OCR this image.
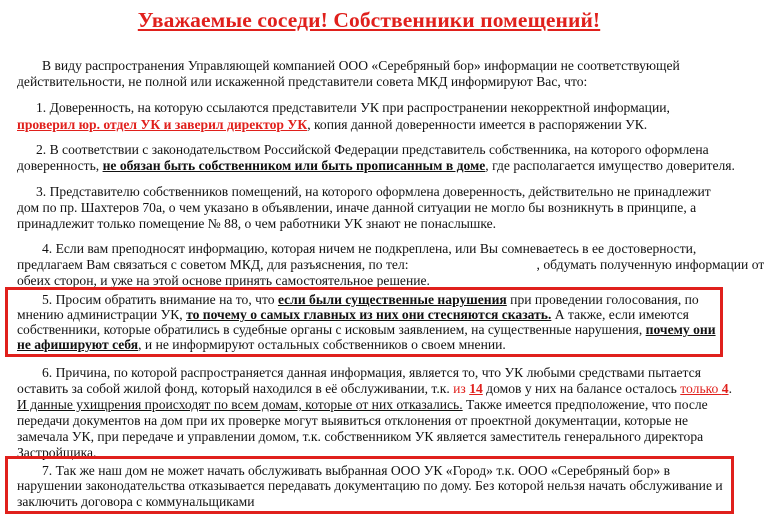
Уважаемые соседи! Собственники помещений!
В виду распространения Управляющей компанией ООО «Серебряный бор» информации не соответствующей
действительности, не полной или искаженной представители совета МКД информируют Вас, что:
1. Доверенность, на которую ссылаются представители УК при распространении некорректной информации,
проверил юр. отдел УК и заверил директор УК, копия данной доверенности имеется в распоряжении УК.
2. В соответствии с законодательством Российской Федерации представитель собственника, на которого оформлена
доверенность, не обязан быть собственником или быть прописанным в доме, где располагается имущество доверителя.
3. Представителю собственников помещений, на которого оформлена доверенность, действительно не принадлежит
дом по пр. Шахтеров 70а, о чем указано в объявлении, иначе данной ситуации не могло бы возникнуть в принципе, а
принадлежит только помещение № 88, о чем работники УК знают не понаслышке.
4. Если вам преподносят информацию, которая ничем не подкреплена, или Вы сомневаетесь в ее достоверности,
предлагаем Вам связаться с советом МКД, для разъяснения, по тел:	, обдумать полученную информации от
обеих сторон, и уже на этой основе принять самостоятельное решение.
5. Просим обратить внимание на то, что если были существенные нарушения при проведении голосования, по
мнению администрации УК, то почему о самых главных из них они стесняются сказать. А также, если имеются
собственники, которые обратились в судебные органы с исковым заявлением, на существенные нарушения, почему они
не афишируют себя, и не информируют остальных собственников о своем мнении.
6. Причина, по которой распространяется данная информация, является то, что УК любыми средствами пытается
оставить за собой жилой фонд, который находился в её обслуживании, т.к. из 14 домов у них на балансе осталось только 4.
И данные ухищрения происходят по всем домам, которые от них отказались. Также имеется предположение, что после
передачи документов на дом при их проверке могут выявиться отклонения от проектной документации, которые не
замечала УК, при передаче и управлении домом, т.к. собственником УК является заместитель генерального директора
Застройщика.
7. Так же наш дом не может начать обслуживать выбранная ООО УК «Город» т.к. ООО «Серебряный бор» в
нарушении законодательства отказывается передавать документацию по дому. Без которой нельзя начать обслуживание и
заключить договора с коммунальщиками
